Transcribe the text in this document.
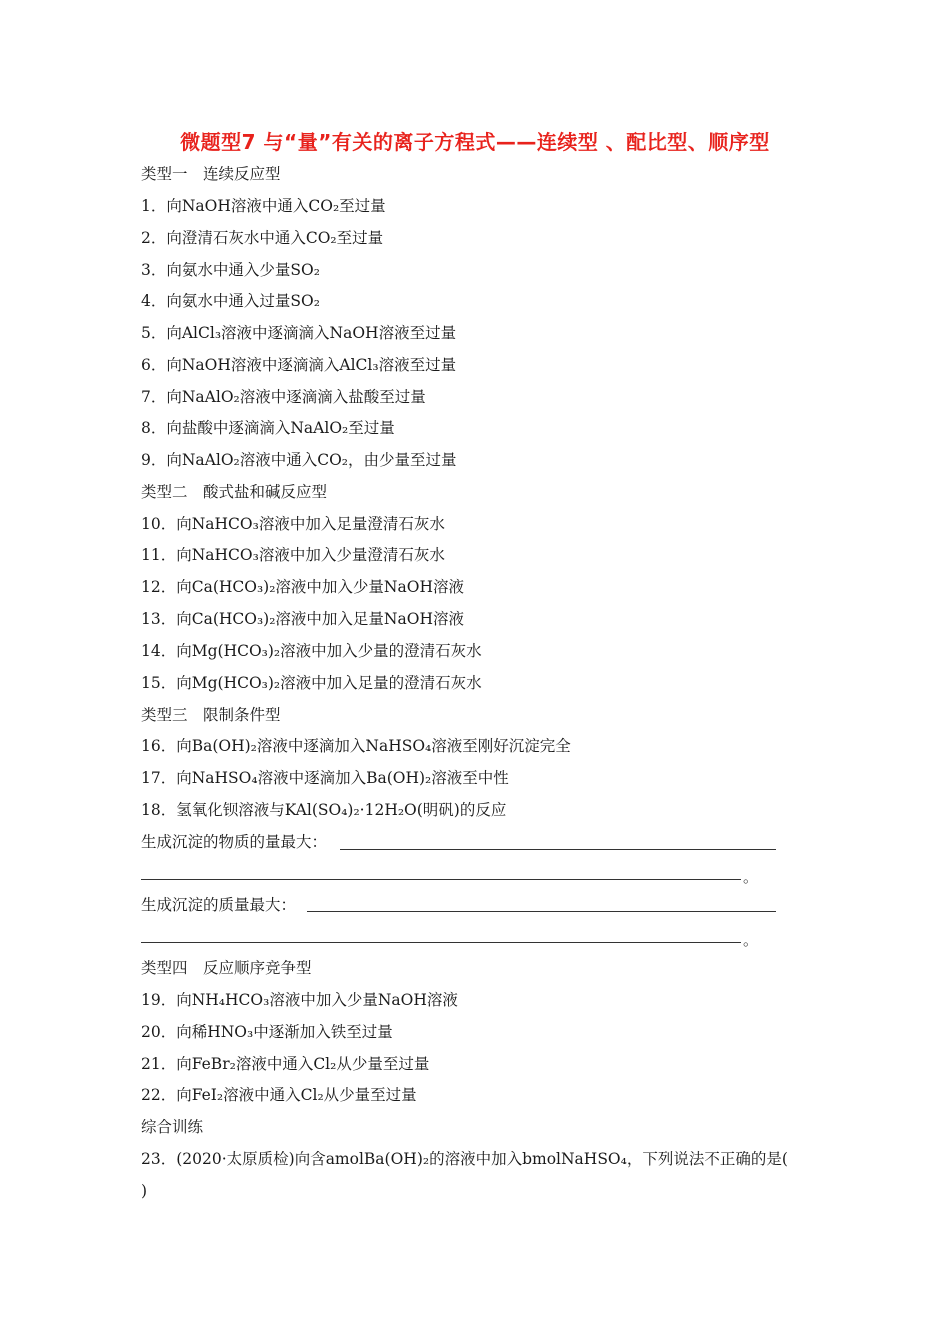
微题型7 与“量”有关的离子方程式——连续型 、配比型、顺序型
类型一　连续反应型
1．向NaOH溶液中通入CO₂至过量
2．向澄清石灰水中通入CO₂至过量
3．向氨水中通入少量SO₂
4．向氨水中通入过量SO₂
5．向AlCl₃溶液中逐滴滴入NaOH溶液至过量
6．向NaOH溶液中逐滴滴入AlCl₃溶液至过量
7．向NaAlO₂溶液中逐滴滴入盐酸至过量
8．向盐酸中逐滴滴入NaAlO₂至过量
9．向NaAlO₂溶液中通入CO₂，由少量至过量
类型二　酸式盐和碱反应型
10．向NaHCO₃溶液中加入足量澄清石灰水
11．向NaHCO₃溶液中加入少量澄清石灰水
12．向Ca(HCO₃)₂溶液中加入少量NaOH溶液
13．向Ca(HCO₃)₂溶液中加入足量NaOH溶液
14．向Mg(HCO₃)₂溶液中加入少量的澄清石灰水
15．向Mg(HCO₃)₂溶液中加入足量的澄清石灰水
类型三　限制条件型
16．向Ba(OH)₂溶液中逐滴加入NaHSO₄溶液至刚好沉淀完全
17．向NaHSO₄溶液中逐滴加入Ba(OH)₂溶液至中性
18．氢氧化钡溶液与KAl(SO₄)₂·12H₂O(明矾)的反应
生成沉淀的物质的量最大：
。
生成沉淀的质量最大：
。
类型四　反应顺序竞争型
19．向NH₄HCO₃溶液中加入少量NaOH溶液
20．向稀HNO₃中逐渐加入铁至过量
21．向FeBr₂溶液中通入Cl₂从少量至过量
22．向FeI₂溶液中通入Cl₂从少量至过量
综合训练
23．(2020·太原质检)向含amolBa(OH)₂的溶液中加入bmolNaHSO₄，下列说法不正确的是(
)
